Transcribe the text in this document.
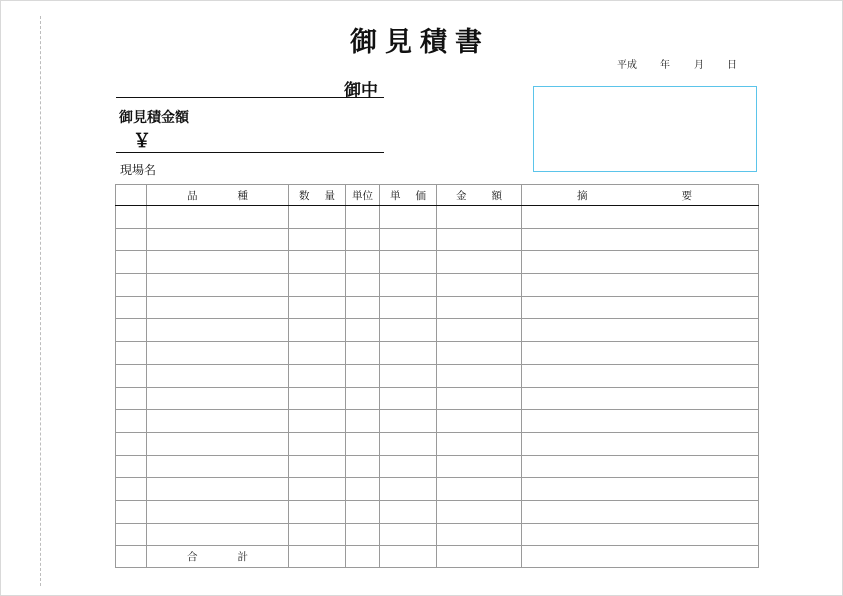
御見積書
平成 年 月 日
御中
御見積金額
￥
現場名

	品 種	数 量	単位	単 価	金 額	摘 要

	合 計					
